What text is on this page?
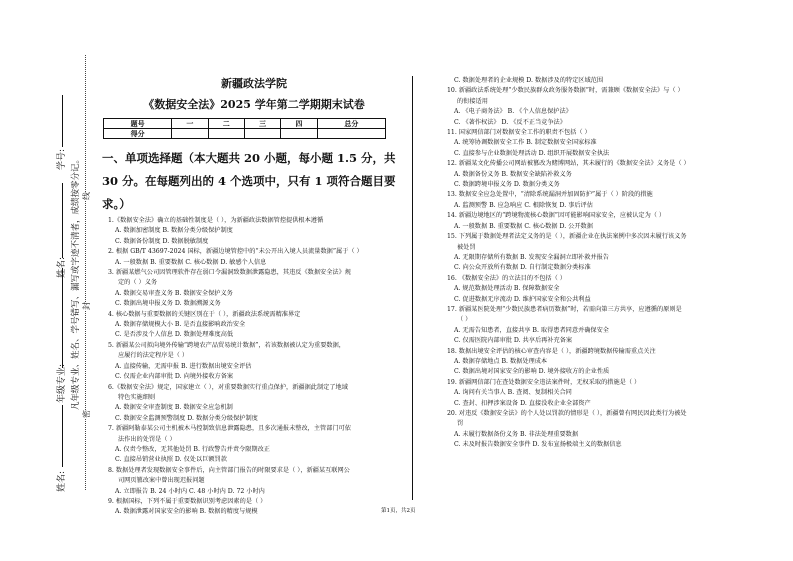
学号:
姓名:
年级专业:
姓名:
凡年级专业、姓名、学号错写、漏写或字迹不清者，成绩按零分记。 线
封
密
新疆政法学院
《数据安全法》2025 学年第二学期期末试卷
题号	一	二	三	四	总分
得分					
一、单项选择题（本大题共 20 小题，每小题 1.5 分，共 30 分。在每题列出的 4 个选项中，只有 1 项符合题目要求。）
1.《数据安全法》确立的基础性制度是（ ），为新疆政法数据管控提供根本遵循
A. 数据加密制度 B. 数据分类分级保护制度
C. 数据备份制度 D. 数据脱敏制度
2. 根据 GB/T 43697-2024 国标，新疆边境管控中的“未公开出入境人员流量数据”属于（ ）
A. 一般数据 B. 重要数据 C. 核心数据 D. 敏感个人信息
3. 新疆某燃气公司因管理软件存在弱口令漏洞致数据泄露隐患，其违反《数据安全法》规
定的（ ）义务
A. 数据交易审查义务 B. 数据安全保护义务
C. 数据出境申报义务 D. 数据溯源义务
4. 核心数据与重要数据的关键区别在于（ ），新疆政法系统需精准界定
A. 数据存储规模大小 B. 是否直接影响政治安全
C. 是否涉及个人信息 D. 数据处理难度高低
5. 新疆某公司拟向境外传输“跨境农产品贸易统计数据”，若该数据被认定为重要数据，
应履行的法定程序是（ ）
A. 直接传输，无需申报 B. 进行数据出境安全评估
C. 仅需企业内部审批 D. 向境外接收方备案
6.《数据安全法》规定，国家建立（ ），对重要数据实行重点保护，新疆据此制定了地域
特色实施细则
A. 数据安全审查制度 B. 数据安全应急机制
C. 数据安全监测预警制度 D. 数据分类分级保护制度
7. 新疆阿勒泰某公司主机被木马控制致信息泄露隐患，且多次通报未整改，主管部门可依
法作出的处罚是（ ）
A. 仅责令整改，无其他处罚 B. 行政警告并责令限期改正
C. 直接吊销营业执照 D. 仅处以巨额罚款
8. 数据处理者发现数据安全事件后，向主管部门报告的时限要求是（ ），新疆某互联网公
司网页篡改案中曾出现迟报问题
A. 立即报告 B. 24 小时内 C. 48 小时内 D. 72 小时内
9. 根据国标，下列不属于重要数据识别考虑因素的是（ ）
A. 数据泄露对国家安全的影响 B. 数据的精度与规模
C. 数据处理者的企业规模 D. 数据涉及的特定区域范围
10. 新疆政法系统处理“少数民族群众政务服务数据”时，需兼顾《数据安全法》与（ ）
的衔接适用
A. 《电子商务法》 B. 《个人信息保护法》
C. 《著作权法》 D. 《反不正当竞争法》
11. 国家网信部门对数据安全工作的职责不包括（ ）
A. 统筹协调数据安全工作 B. 制定数据安全国家标准
C. 直接参与企业数据处理活动 D. 组织开展数据安全执法
12. 新疆某文化传播公司网站被篡改为赌博网站，其未履行的《数据安全法》义务是（ ）
A. 数据备份义务 B. 数据安全缺陷补救义务
C. 数据跨境申报义务 D. 数据分类义务
13. 数据安全应急处置中，“清除系统漏洞并加固防护”属于（ ）阶段的措施
A. 监测预警 B. 应急响应 C. 根除恢复 D. 事后评估
14. 新疆边境地区的“跨境物流核心数据”因可能影响国家安全，应被认定为（ ）
A. 一般数据 B. 重要数据 C. 核心数据 D. 公开数据
15. 下列属于数据处理者法定义务的是（ ），新疆企业在执法案例中多次因未履行该义务
被处罚
A. 无限期存储所有数据 B. 发现安全漏洞立即补救并报告
C. 向公众开放所有数据 D. 自行制定数据分类标准
16. 《数据安全法》的立法目的不包括（ ）
A. 规范数据处理活动 B. 保障数据安全
C. 促进数据无序流动 D. 维护国家安全和公共利益
17. 新疆某医院处理“少数民族患者病历数据”时，若需向第三方共享，应遵循的原则是
（ ）
A. 无需告知患者，直接共享 B. 取得患者同意并确保安全
C. 仅需医院内部审批 D. 共享后再补充备案
18. 数据出境安全评估的核心审查内容是（ ），新疆跨境数据传输需重点关注
A. 数据存储地点 B. 数据处理成本
C. 数据出境对国家安全的影响 D. 境外接收方的企业性质
19. 新疆网信部门在查处数据安全违法案件时，无权采取的措施是（ ）
A. 询问有关当事人 B. 查阅、复制相关合同
C. 查封、扣押涉案设备 D. 直接没收企业全部资产
20. 对违反《数据安全法》的个人处以罚款的情形是（ ），新疆曾有网民因此类行为被处
罚
A. 未履行数据备份义务 B. 非法处理重要数据
C. 未及时报告数据安全事件 D. 发布宣扬极端主义的数据信息
第1页，共2页
